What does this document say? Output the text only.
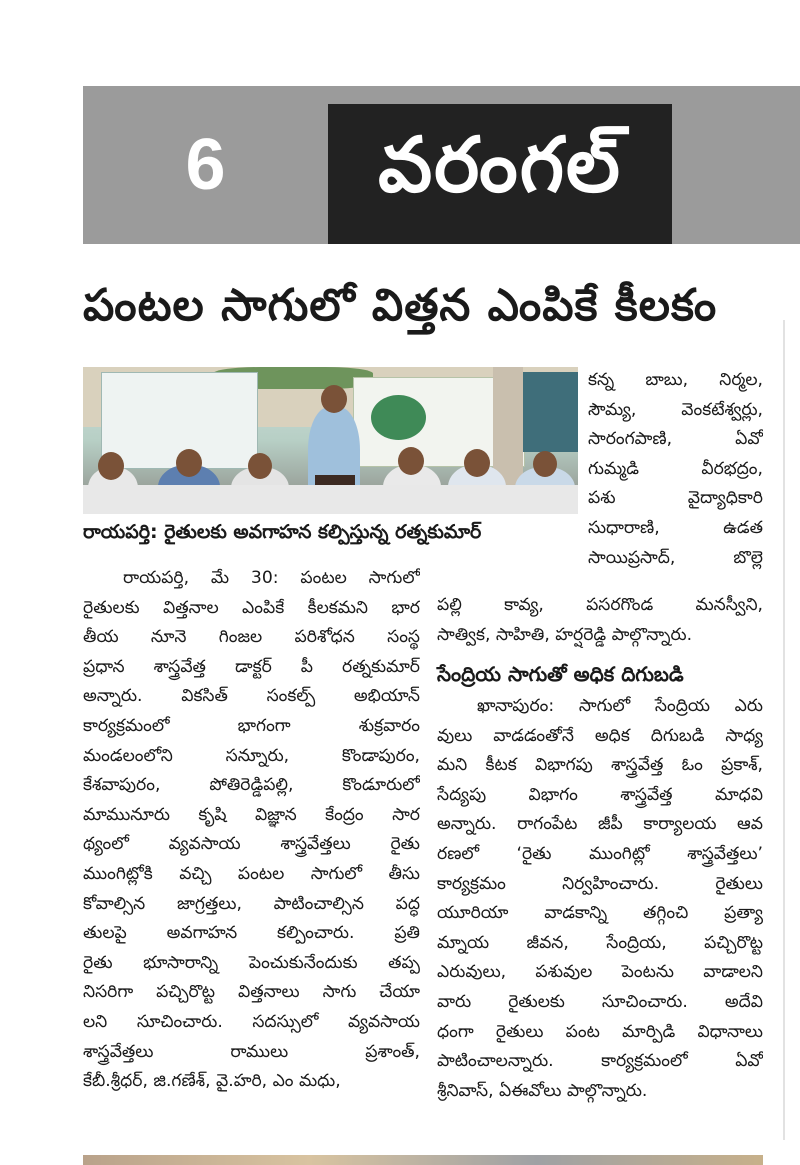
6	వరంగల్
పంటల సాగులో విత్తన ఎంపికే కీలకం
రాయపర్తి: రైతులకు అవగాహన కల్పిస్తున్న రత్నకుమార్
కన్న బాబు, నిర్మల,
సౌమ్య, వెంకటేశ్వర్లు,
సారంగపాణి, ఏవో
గుమ్మడి వీరభద్రం,
పశు వైద్యాధికారి
సుధారాణి, ఉడత
సాయిప్రసాద్, బొల్లె
రాయపర్తి, మే 30: పంటల సాగులో
రైతులకు విత్తనాల ఎంపికే కీలకమని భార
తీయ నూనె గింజల పరిశోధన సంస్థ
ప్రధాన శాస్త్రవేత్త డాక్టర్ పీ రత్నకుమార్
అన్నారు. వికసిత్ సంకల్ప్ అభియాన్
కార్యక్రమంలో భాగంగా శుక్రవారం
మండలంలోని సన్నూరు, కొండాపురం,
కేశవాపురం, పోతిరెడ్డిపల్లి, కొండూరులో
మామునూరు కృషి విజ్ఞాన కేంద్రం సార
థ్యంలో వ్యవసాయ శాస్త్రవేత్తలు రైతు
ముంగిట్లోకి వచ్చి పంటల సాగులో తీసు
కోవాల్సిన జాగ్రత్తలు, పాటించాల్సిన పద్ధ
తులపై అవగాహన కల్పించారు. ప్రతి
రైతు భూసారాన్ని పెంచుకునేందుకు తప్ప
నిసరిగా పచ్చిరొట్ట విత్తనాలు సాగు చేయా
లని సూచించారు. సదస్సులో వ్యవసాయ
శాస్త్రవేత్తలు రాములు ప్రశాంత్,
కేబీ.శ్రీధర్, జి.గణేశ్, వై.హరి, ఎం మధు,
పల్లి కావ్య, పసరగొండ మనస్వీని,
సాత్విక, సాహితి, హర్షరెడ్డి పాల్గొన్నారు.
సేంద్రియ సాగుతో అధిక దిగుబడి
ఖానాపురం: సాగులో సేంద్రియ ఎరు
వులు వాడడంతోనే అధిక దిగుబడి సాధ్య
మని కీటక విభాగపు శాస్త్రవేత్త ఓం ప్రకాశ్,
సేద్యపు విభాగం శాస్త్రవేత్త మాధవి
అన్నారు. రాగంపేట జీపీ కార్యాలయ ఆవ
రణలో ‘రైతు ముంగిట్లో శాస్త్రవేత్తలు’
కార్యక్రమం నిర్వహించారు. రైతులు
యూరియా వాడకాన్ని తగ్గించి ప్రత్యా
మ్నాయ జీవన, సేంద్రియ, పచ్చిరొట్ట
ఎరువులు, పశువుల పెంటను వాడాలని
వారు రైతులకు సూచించారు. అదేవి
ధంగా రైతులు పంట మార్పిడి విధానాలు
పాటించాలన్నారు. కార్యక్రమంలో ఏవో
శ్రీనివాస్, ఏఈవోలు పాల్గొన్నారు.
